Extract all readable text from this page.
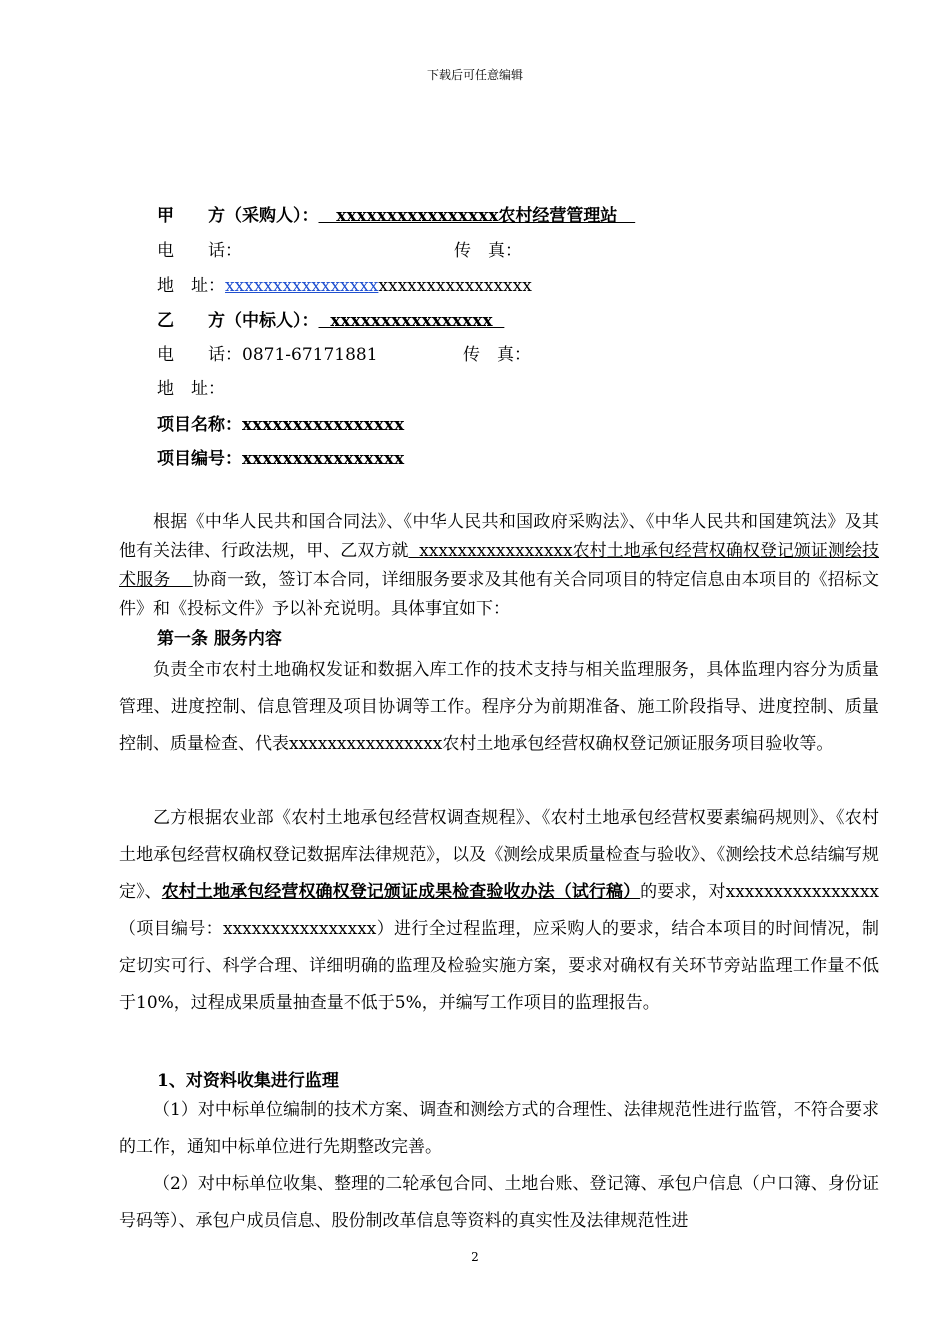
下载后可任意编辑
甲　　方（采购人）：   xxxxxxxxxxxxxxxx农村经营管理站
电　　话：	传　真：
地　址：xxxxxxxxxxxxxxxxxxxxxxxxxxxxxxxx
乙　　方（中标人）：  xxxxxxxxxxxxxxxx
电　　话：0871-67171881	传　真：
地　址：
项目名称：xxxxxxxxxxxxxxxx
项目编号：xxxxxxxxxxxxxxxx

根据《中华人民共和国合同法》、《中华人民共和国政府采购法》、《中华人民共和国建筑法》及其他有关法律、行政法规，甲、乙双方就  xxxxxxxxxxxxxxxx农村土地承包经营权确权登记颁证测绘技术服务    协商一致，签订本合同，详细服务要求及其他有关合同项目的特定信息由本项目的《招标文件》和《投标文件》予以补充说明。具体事宜如下：

第一条 服务内容

负责全市农村土地确权发证和数据入库工作的技术支持与相关监理服务，具体监理内容分为质量管理、进度控制、信息管理及项目协调等工作。程序分为前期准备、施工阶段指导、进度控制、质量控制、质量检查、代表xxxxxxxxxxxxxxxx农村土地承包经营权确权登记颁证服务项目验收等。

乙方根据农业部《农村土地承包经营权调查规程》、《农村土地承包经营权要素编码规则》、《农村土地承包经营权确权登记数据库法律规范》，以及《测绘成果质量检查与验收》、《测绘技术总结编写规定》、农村土地承包经营权确权登记颁证成果检查验收办法（试行稿）的要求，对xxxxxxxxxxxxxxxx（项目编号：xxxxxxxxxxxxxxxx）进行全过程监理，应采购人的要求，结合本项目的时间情况，制定切实可行、科学合理、详细明确的监理及检验实施方案，要求对确权有关环节旁站监理工作量不低于10%，过程成果质量抽查量不低于5%，并编写工作项目的监理报告。

1、对资料收集进行监理

（1）对中标单位编制的技术方案、调查和测绘方式的合理性、法律规范性进行监管，不符合要求的工作，通知中标单位进行先期整改完善。

（2）对中标单位收集、整理的二轮承包合同、土地台账、登记簿、承包户信息（户口簿、身份证号码等）、承包户成员信息、股份制改革信息等资料的真实性及法律规范性进

2
